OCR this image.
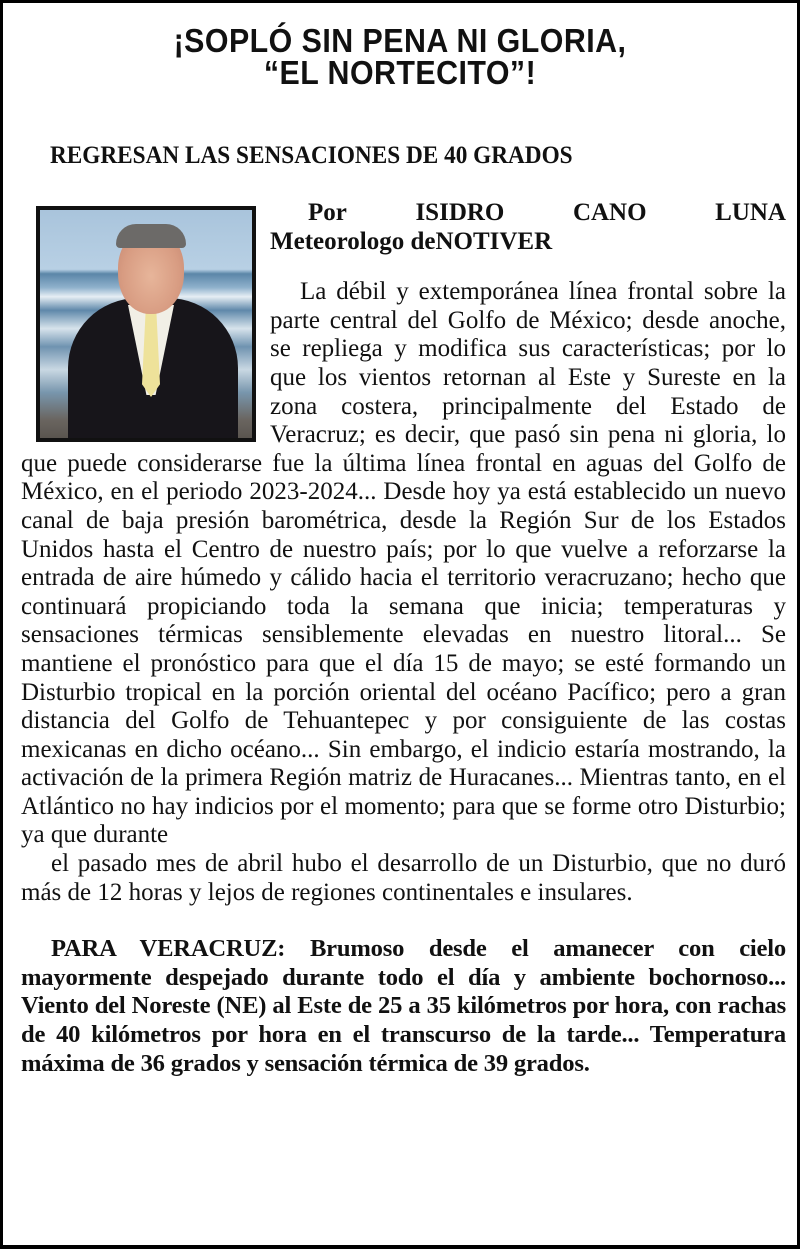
¡SOPLÓ SIN PENA NI GLORIA,
“EL NORTECITO”!
REGRESAN LAS SENSACIONES DE 40 GRADOS
Por	ISIDRO	CANO	LUNA
Meteorologo deNOTIVER

La débil y extemporánea línea frontal sobre la parte central del Golfo de México; desde anoche, se repliega y modifica sus características; por lo que los vientos retornan al Este y Sureste en la zona costera, principalmente del Estado de Veracruz; es decir, que pasó sin pena ni gloria, lo que puede considerarse fue la última línea frontal en aguas del Golfo de México, en el periodo 2023-2024... Desde hoy ya está establecido un nuevo canal de baja presión barométrica, desde la Región Sur de los Estados Unidos hasta el Centro de nuestro país; por lo que vuelve a reforzarse la entrada de aire húmedo y cálido hacia el territorio veracruzano; hecho que continuará propiciando toda la semana que inicia; temperaturas y sensaciones térmicas sensiblemente elevadas en nuestro litoral... Se mantiene el pronóstico para que el día 15 de mayo; se esté formando un Disturbio tropical en la porción oriental del océano Pacífico; pero a gran distancia del Golfo de Tehuantepec y por consiguiente de las costas mexicanas en dicho océano... Sin embargo, el indicio estaría mostrando, la activación de la primera Región matriz de Huracanes... Mientras tanto, en el Atlántico no hay indicios por el momento; para que se forme otro Disturbio; ya que durante

el pasado mes de abril hubo el desarrollo de un Disturbio, que no duró más de 12 horas y lejos de regiones continentales e insulares.

PARA VERACRUZ: Brumoso desde el amanecer con cielo mayormente despejado durante todo el día y ambiente bochornoso... Viento del Noreste (NE) al Este de 25 a 35 kilómetros por hora, con rachas de 40 kilómetros por hora en el transcurso de la tarde... Temperatura máxima de 36 grados y sensación térmica de 39 grados.
